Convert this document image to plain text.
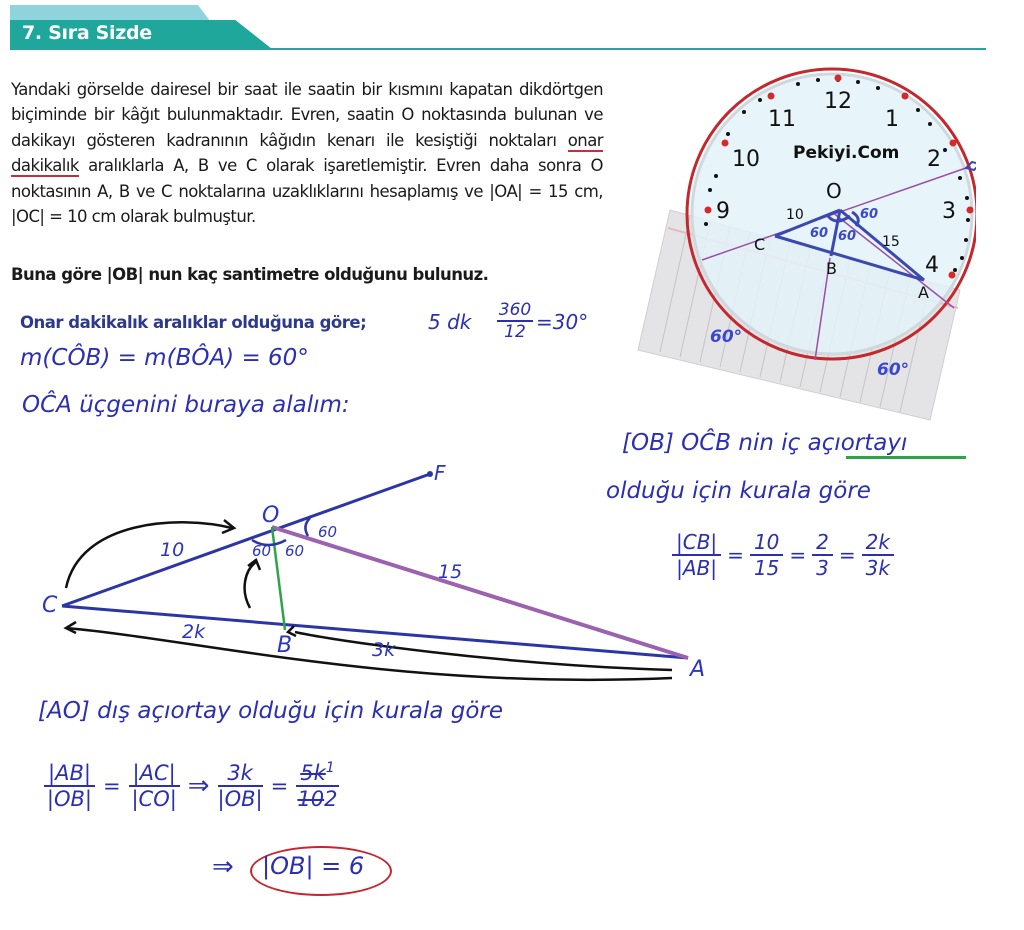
7. Sıra Sizde
Yandaki görselde dairesel bir saat ile saatin bir kısmını kapatan dikdörtgen biçiminde bir kâğıt bulunmaktadır. Evren, saatin O noktasında bulunan ve dakikayı gösteren kadranının kâğıdın kenarı ile kesiştiği noktaları onar dakikalık aralıklarla A, B ve C olarak işaretlemiştir. Evren daha sonra O noktasının A, B ve C noktalarına uzaklıklarını hesaplamış ve |OA| = 15 cm, |OC| = 10 cm olarak bulmuştur.
Buna göre |OB| nun kaç santimetre olduğunu bulunuz.
12
1
2
3
4
9
10
11
Pekiyi.Com
O
C
B
A
10
15
60
60 60
60°
60°
Onar dakikalık aralıklar olduğuna göre;	5 dk $\frac{360}{12} =30^\circ$
m(CÔB) = m(BÔA) = 60°
OĈA üçgenini buraya alalım:
C
O
F
B
A
10
15
2k
3k
60
60 60
[OB] OĈB nin iç açıortayı
olduğu için kurala göre
$\frac{|CB|}{|AB|} = \frac{10}{15} = \frac{2}{3} = \frac{2k}{3k}$
[AO] dış açıortay olduğu için kurala göre
$\frac{|AB|}{|OB|} = \frac{|AC|}{|CO|}$ ⇒ $\frac{3k}{|OB|} = \frac{5k^1}{102}$
⇒ |OB| = 6
